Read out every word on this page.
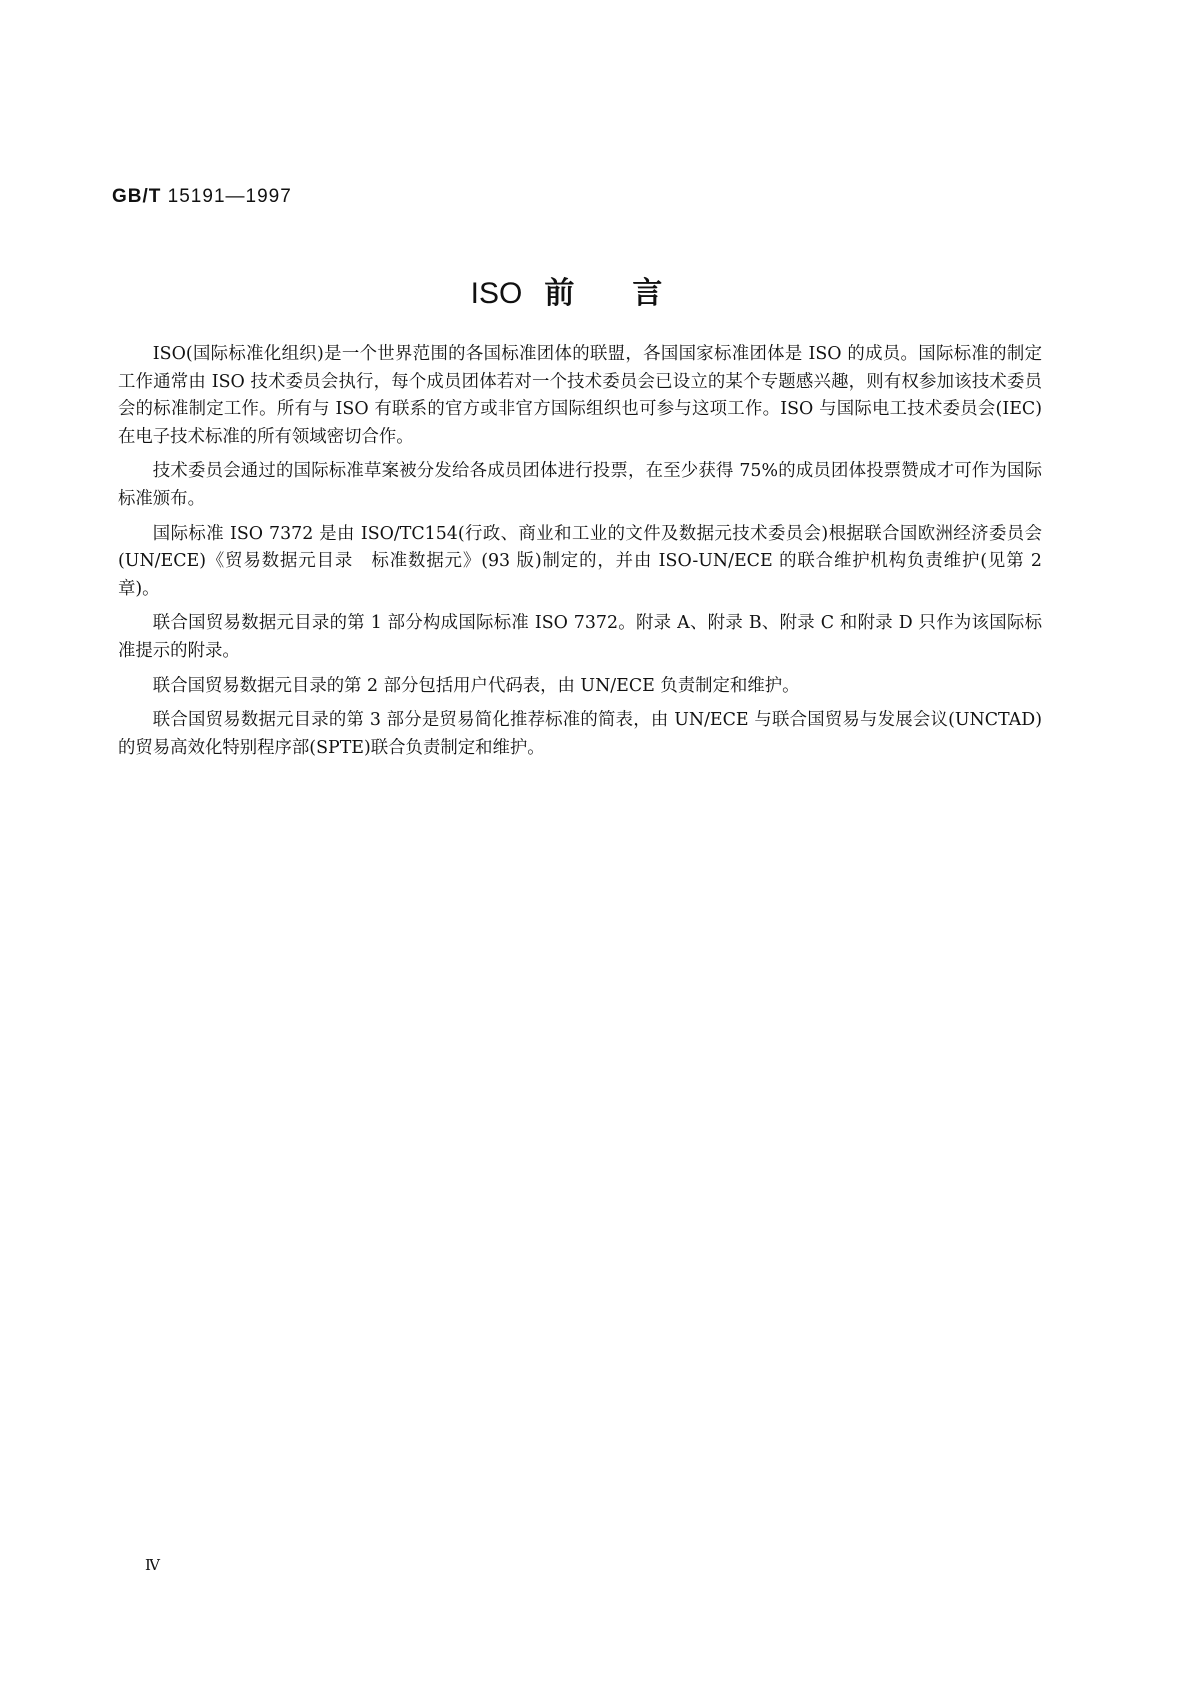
GB/T 15191—1997
ISO 前言

ISO(国际标准化组织)是一个世界范围的各国标准团体的联盟，各国国家标准团体是 ISO 的成员。国际标准的制定工作通常由 ISO 技术委员会执行，每个成员团体若对一个技术委员会已设立的某个专题感兴趣，则有权参加该技术委员会的标准制定工作。所有与 ISO 有联系的官方或非官方国际组织也可参与这项工作。ISO 与国际电工技术委员会(IEC)在电子技术标准的所有领域密切合作。

技术委员会通过的国际标准草案被分发给各成员团体进行投票，在至少获得 75%的成员团体投票赞成才可作为国际标准颁布。

国际标准 ISO 7372 是由 ISO/TC154(行政、商业和工业的文件及数据元技术委员会)根据联合国欧洲经济委员会(UN/ECE)《贸易数据元目录　标准数据元》(93 版)制定的，并由 ISO-UN/ECE 的联合维护机构负责维护(见第 2 章)。

联合国贸易数据元目录的第 1 部分构成国际标准 ISO 7372。附录 A、附录 B、附录 C 和附录 D 只作为该国际标准提示的附录。

联合国贸易数据元目录的第 2 部分包括用户代码表，由 UN/ECE 负责制定和维护。

联合国贸易数据元目录的第 3 部分是贸易简化推荐标准的简表，由 UN/ECE 与联合国贸易与发展会议(UNCTAD)的贸易高效化特别程序部(SPTE)联合负责制定和维护。

Ⅳ
